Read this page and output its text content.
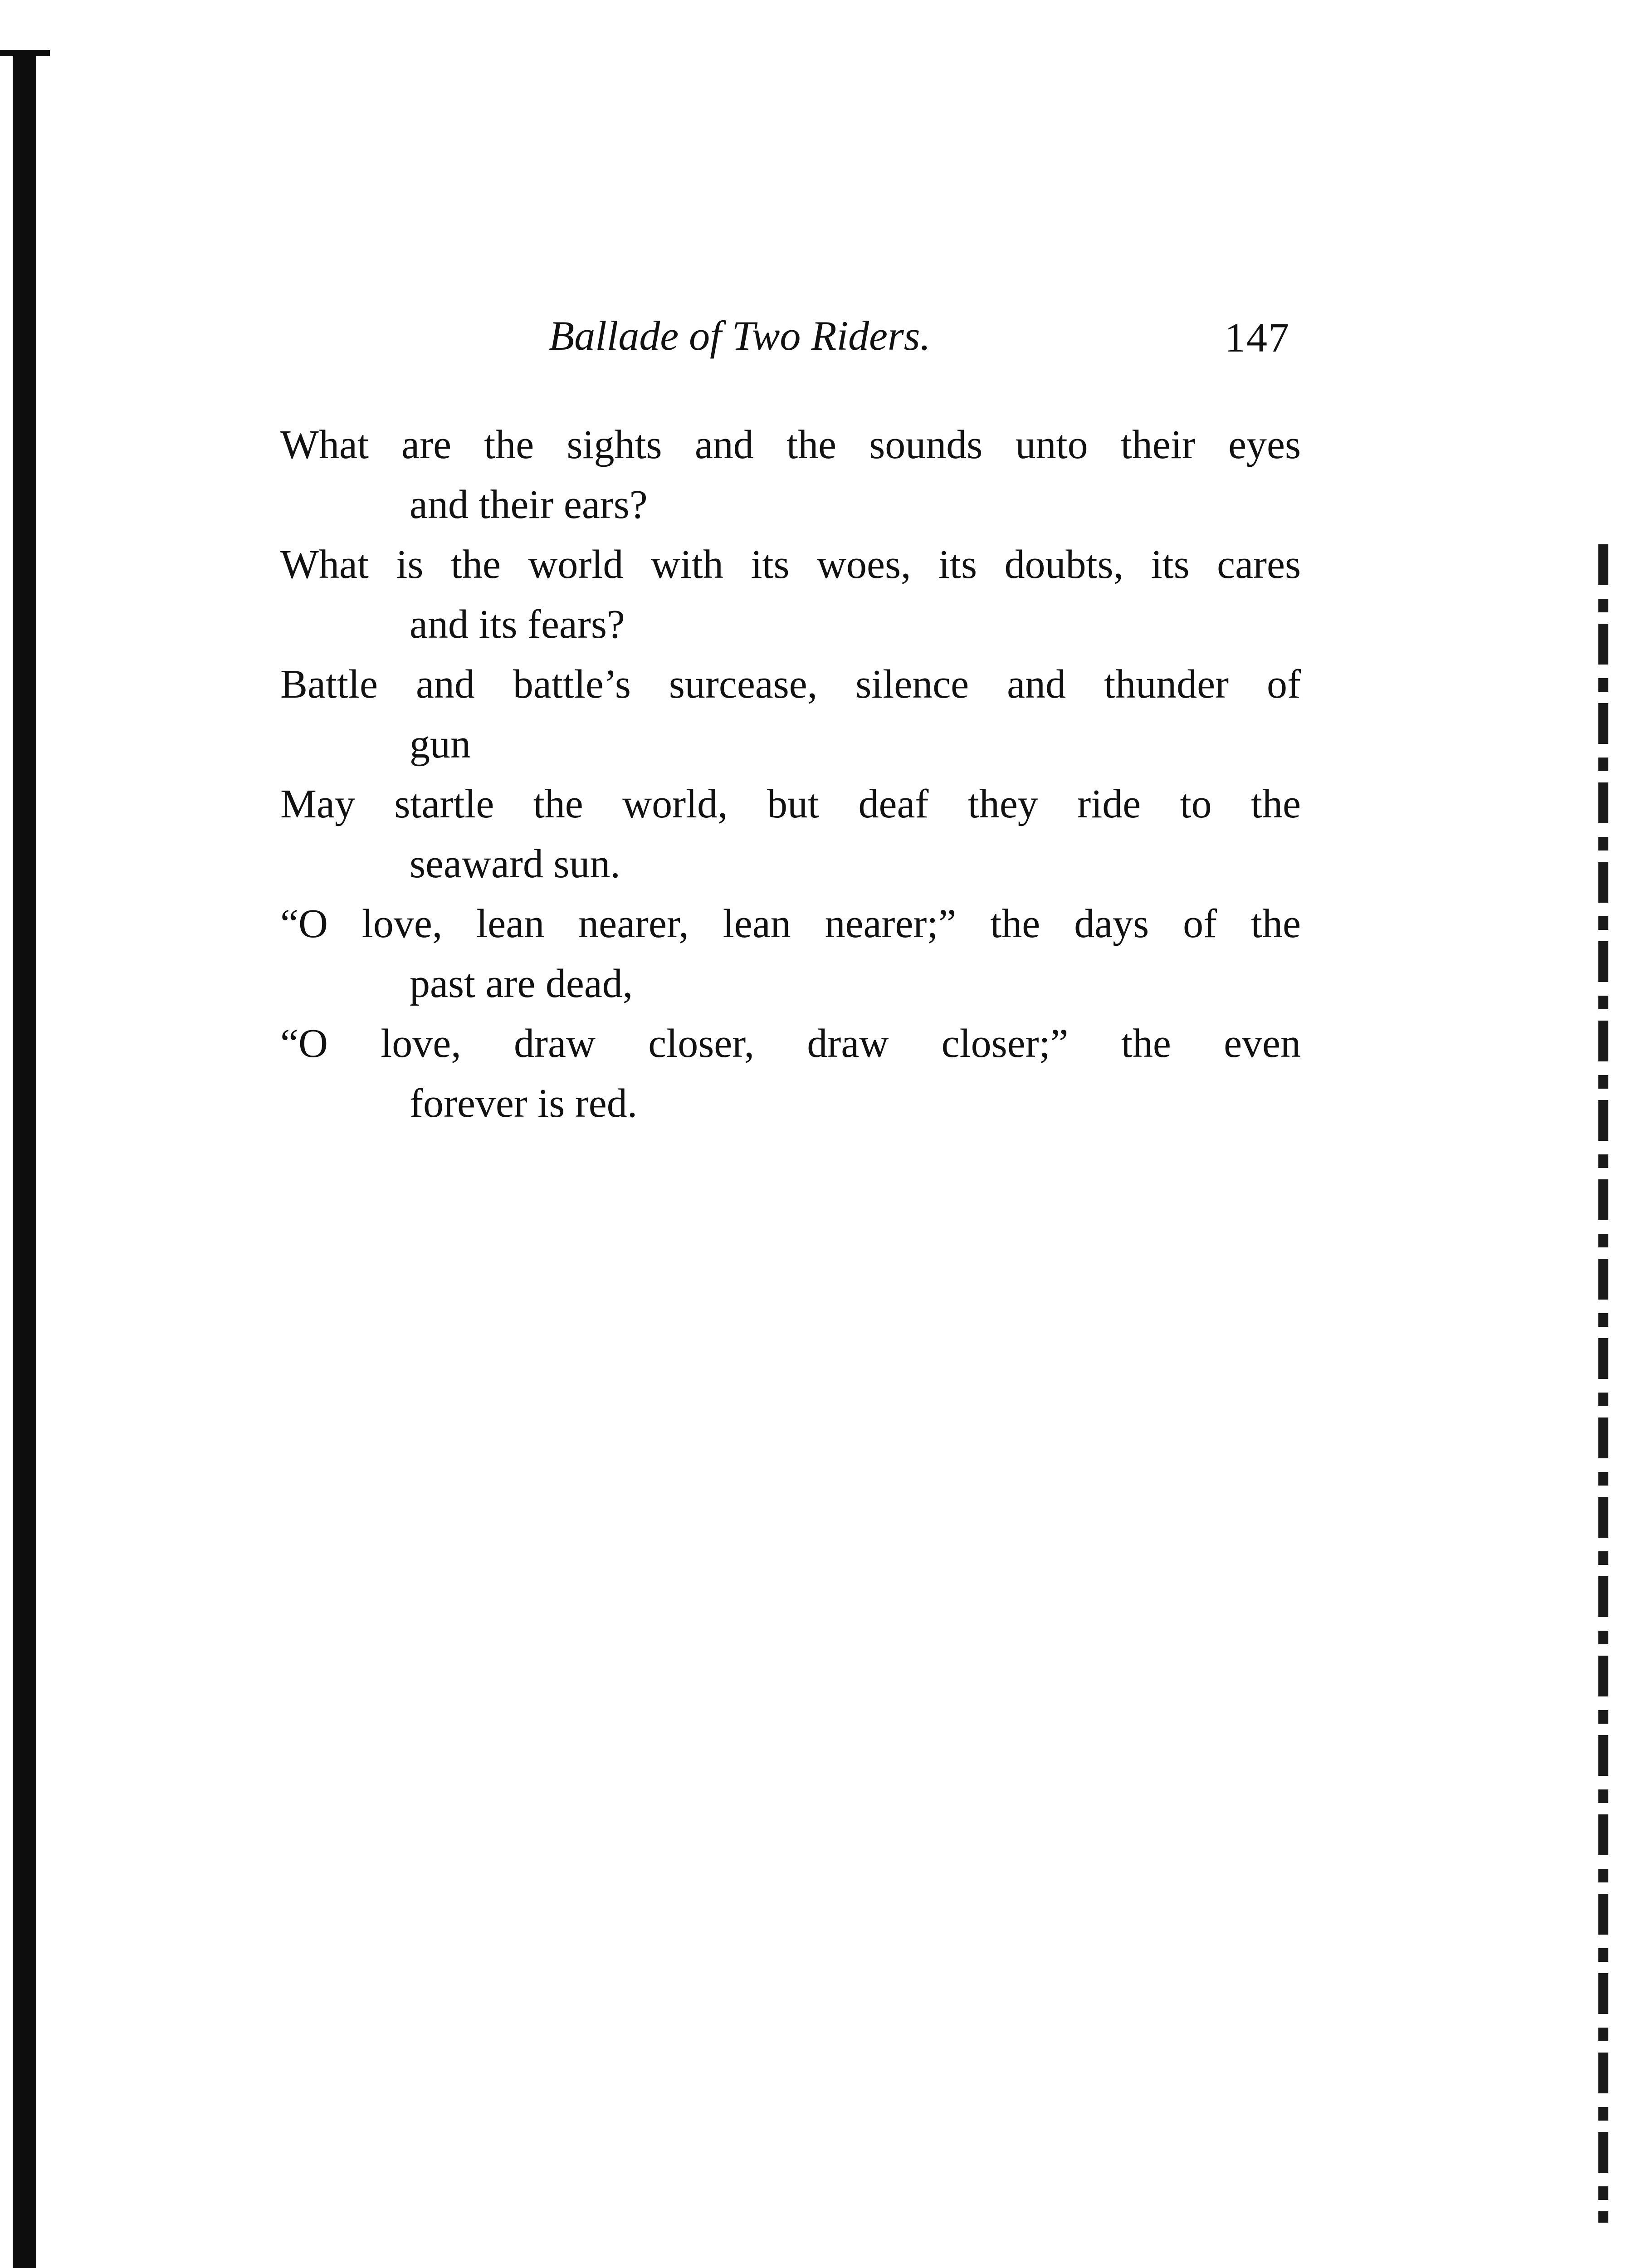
Ballade of Two Riders.	147
What are the sights and the sounds unto their eyes
and their ears?
What is the world with its woes, its doubts, its cares
and its fears?
Battle and battle’s surcease, silence and thunder of
gun
May startle the world, but deaf they ride to the
seaward sun.
“O love, lean nearer, lean nearer;” the days of the
past are dead,
“O love, draw closer, draw closer;” the even
forever is red.
